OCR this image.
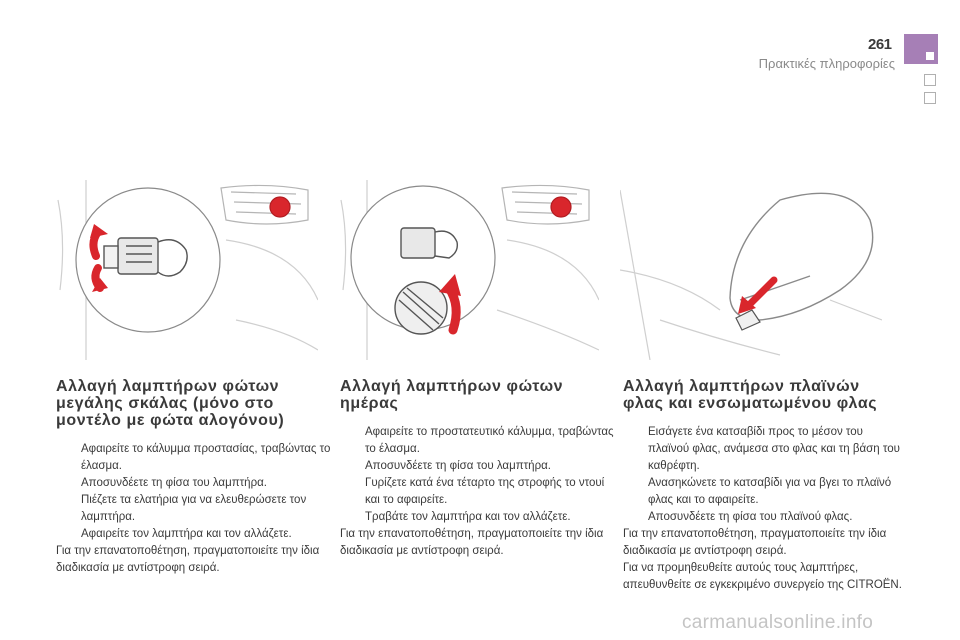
261
Πρακτικές πληροφορίες
Αλλαγή λαμπτήρων φώτων μεγάλης σκάλας (μόνο στο μοντέλο με φώτα αλογόνου)
Αφαιρείτε το κάλυμμα προστασίας, τραβώντας το έλασμα.
Αποσυνδέετε τη φίσα του λαμπτήρα.
Πιέζετε τα ελατήρια για να ελευθερώσετε τον λαμπτήρα.
Αφαιρείτε τον λαμπτήρα και τον αλλάζετε.

Για την επανατοποθέτηση, πραγματοποιείτε την ίδια διαδικασία με αντίστροφη σειρά.

Αλλαγή λαμπτήρων φώτων ημέρας
Αφαιρείτε το προστατευτικό κάλυμμα, τραβώντας το έλασμα.
Αποσυνδέετε τη φίσα του λαμπτήρα.
Γυρίζετε κατά ένα τέταρτο της στροφής το ντουί και το αφαιρείτε.
Τραβάτε τον λαμπτήρα και τον αλλάζετε.

Για την επανατοποθέτηση, πραγματοποιείτε την ίδια διαδικασία με αντίστροφη σειρά.

Αλλαγή λαμπτήρων πλαϊνών φλας και ενσωματωμένου φλας
Εισάγετε ένα κατσαβίδι προς το μέσον του πλαϊνού φλας, ανάμεσα στο φλας και τη βάση του καθρέφτη.
Ανασηκώνετε το κατσαβίδι για να βγει το πλαϊνό φλας και το αφαιρείτε.
Αποσυνδέετε τη φίσα του πλαϊνού φλας.

Για την επανατοποθέτηση, πραγματοποιείτε την ίδια διαδικασία με αντίστροφη σειρά.

Για να προμηθευθείτε αυτούς τους λαμπτήρες, απευθυνθείτε σε εγκεκριμένο συνεργείο της CITROËN.

carmanualsonline.info
